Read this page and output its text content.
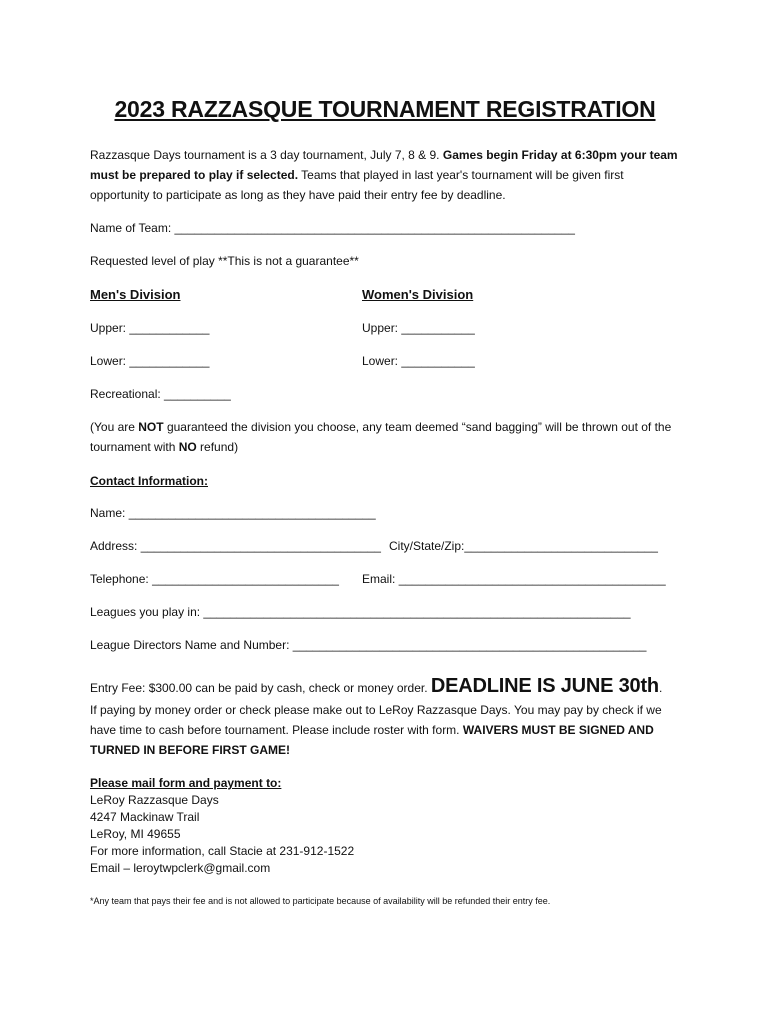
2023 RAZZASQUE TOURNAMENT REGISTRATION
Razzasque Days tournament is a 3 day tournament, July 7, 8 & 9. Games begin Friday at 6:30pm your team must be prepared to play if selected. Teams that played in last year's tournament will be given first opportunity to participate as long as they have paid their entry fee by deadline.
Name of Team: ____________________________________________________________
Requested level of play **This is not a guarantee**
Men's Division	Women's Division
Upper: ____________	Upper: ___________
Lower: ____________	Lower: ___________
Recreational: __________
(You are NOT guaranteed the division you choose, any team deemed “sand bagging” will be thrown out of the tournament with NO refund)
Contact Information:
Name: _____________________________________
Address: ____________________________________ City/State/Zip:_____________________________
Telephone: ____________________________ Email: ________________________________________
Leagues you play in: ________________________________________________________________
League Directors Name and Number: _____________________________________________________
Entry Fee: $300.00 can be paid by cash, check or money order. DEADLINE IS JUNE 30th.
If paying by money order or check please make out to LeRoy Razzasque Days. You may pay by check if we have time to cash before tournament. Please include roster with form. WAIVERS MUST BE SIGNED AND TURNED IN BEFORE FIRST GAME!
Please mail form and payment to:
LeRoy Razzasque Days
4247 Mackinaw Trail
LeRoy, MI 49655
For more information, call Stacie at 231-912-1522
Email – leroytwpclerk@gmail.com
*Any team that pays their fee and is not allowed to participate because of availability will be refunded their entry fee.
